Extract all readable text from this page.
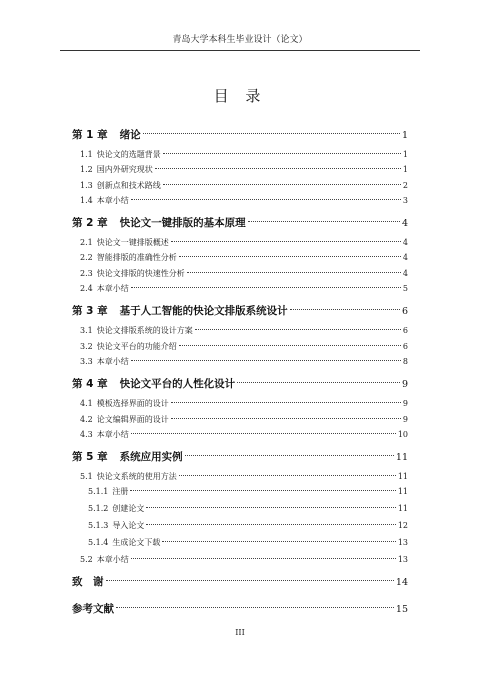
青岛大学本科生毕业设计（论文）
目 录
第 1 章 绪论	1
1.1 快论文的选题背景	1
1.2 国内外研究现状	1
1.3 创新点和技术路线	2
1.4 本章小结	3
第 2 章 快论文一键排版的基本原理	4
2.1 快论文一键排版概述	4
2.2 智能排版的准确性分析	4
2.3 快论文排版的快速性分析	4
2.4 本章小结	5
第 3 章 基于人工智能的快论文排版系统设计	6
3.1 快论文排版系统的设计方案	6
3.2 快论文平台的功能介绍	6
3.3 本章小结	8
第 4 章 快论文平台的人性化设计	9
4.1 模板选择界面的设计	9
4.2 论文编辑界面的设计	9
4.3 本章小结	10
第 5 章 系统应用实例	11
5.1 快论文系统的使用方法	11
5.1.1 注册	11
5.1.2 创建论文	11
5.1.3 导入论文	12
5.1.4 生成论文下载	13
5.2 本章小结	13
致　谢	14
参考文献	15
III
